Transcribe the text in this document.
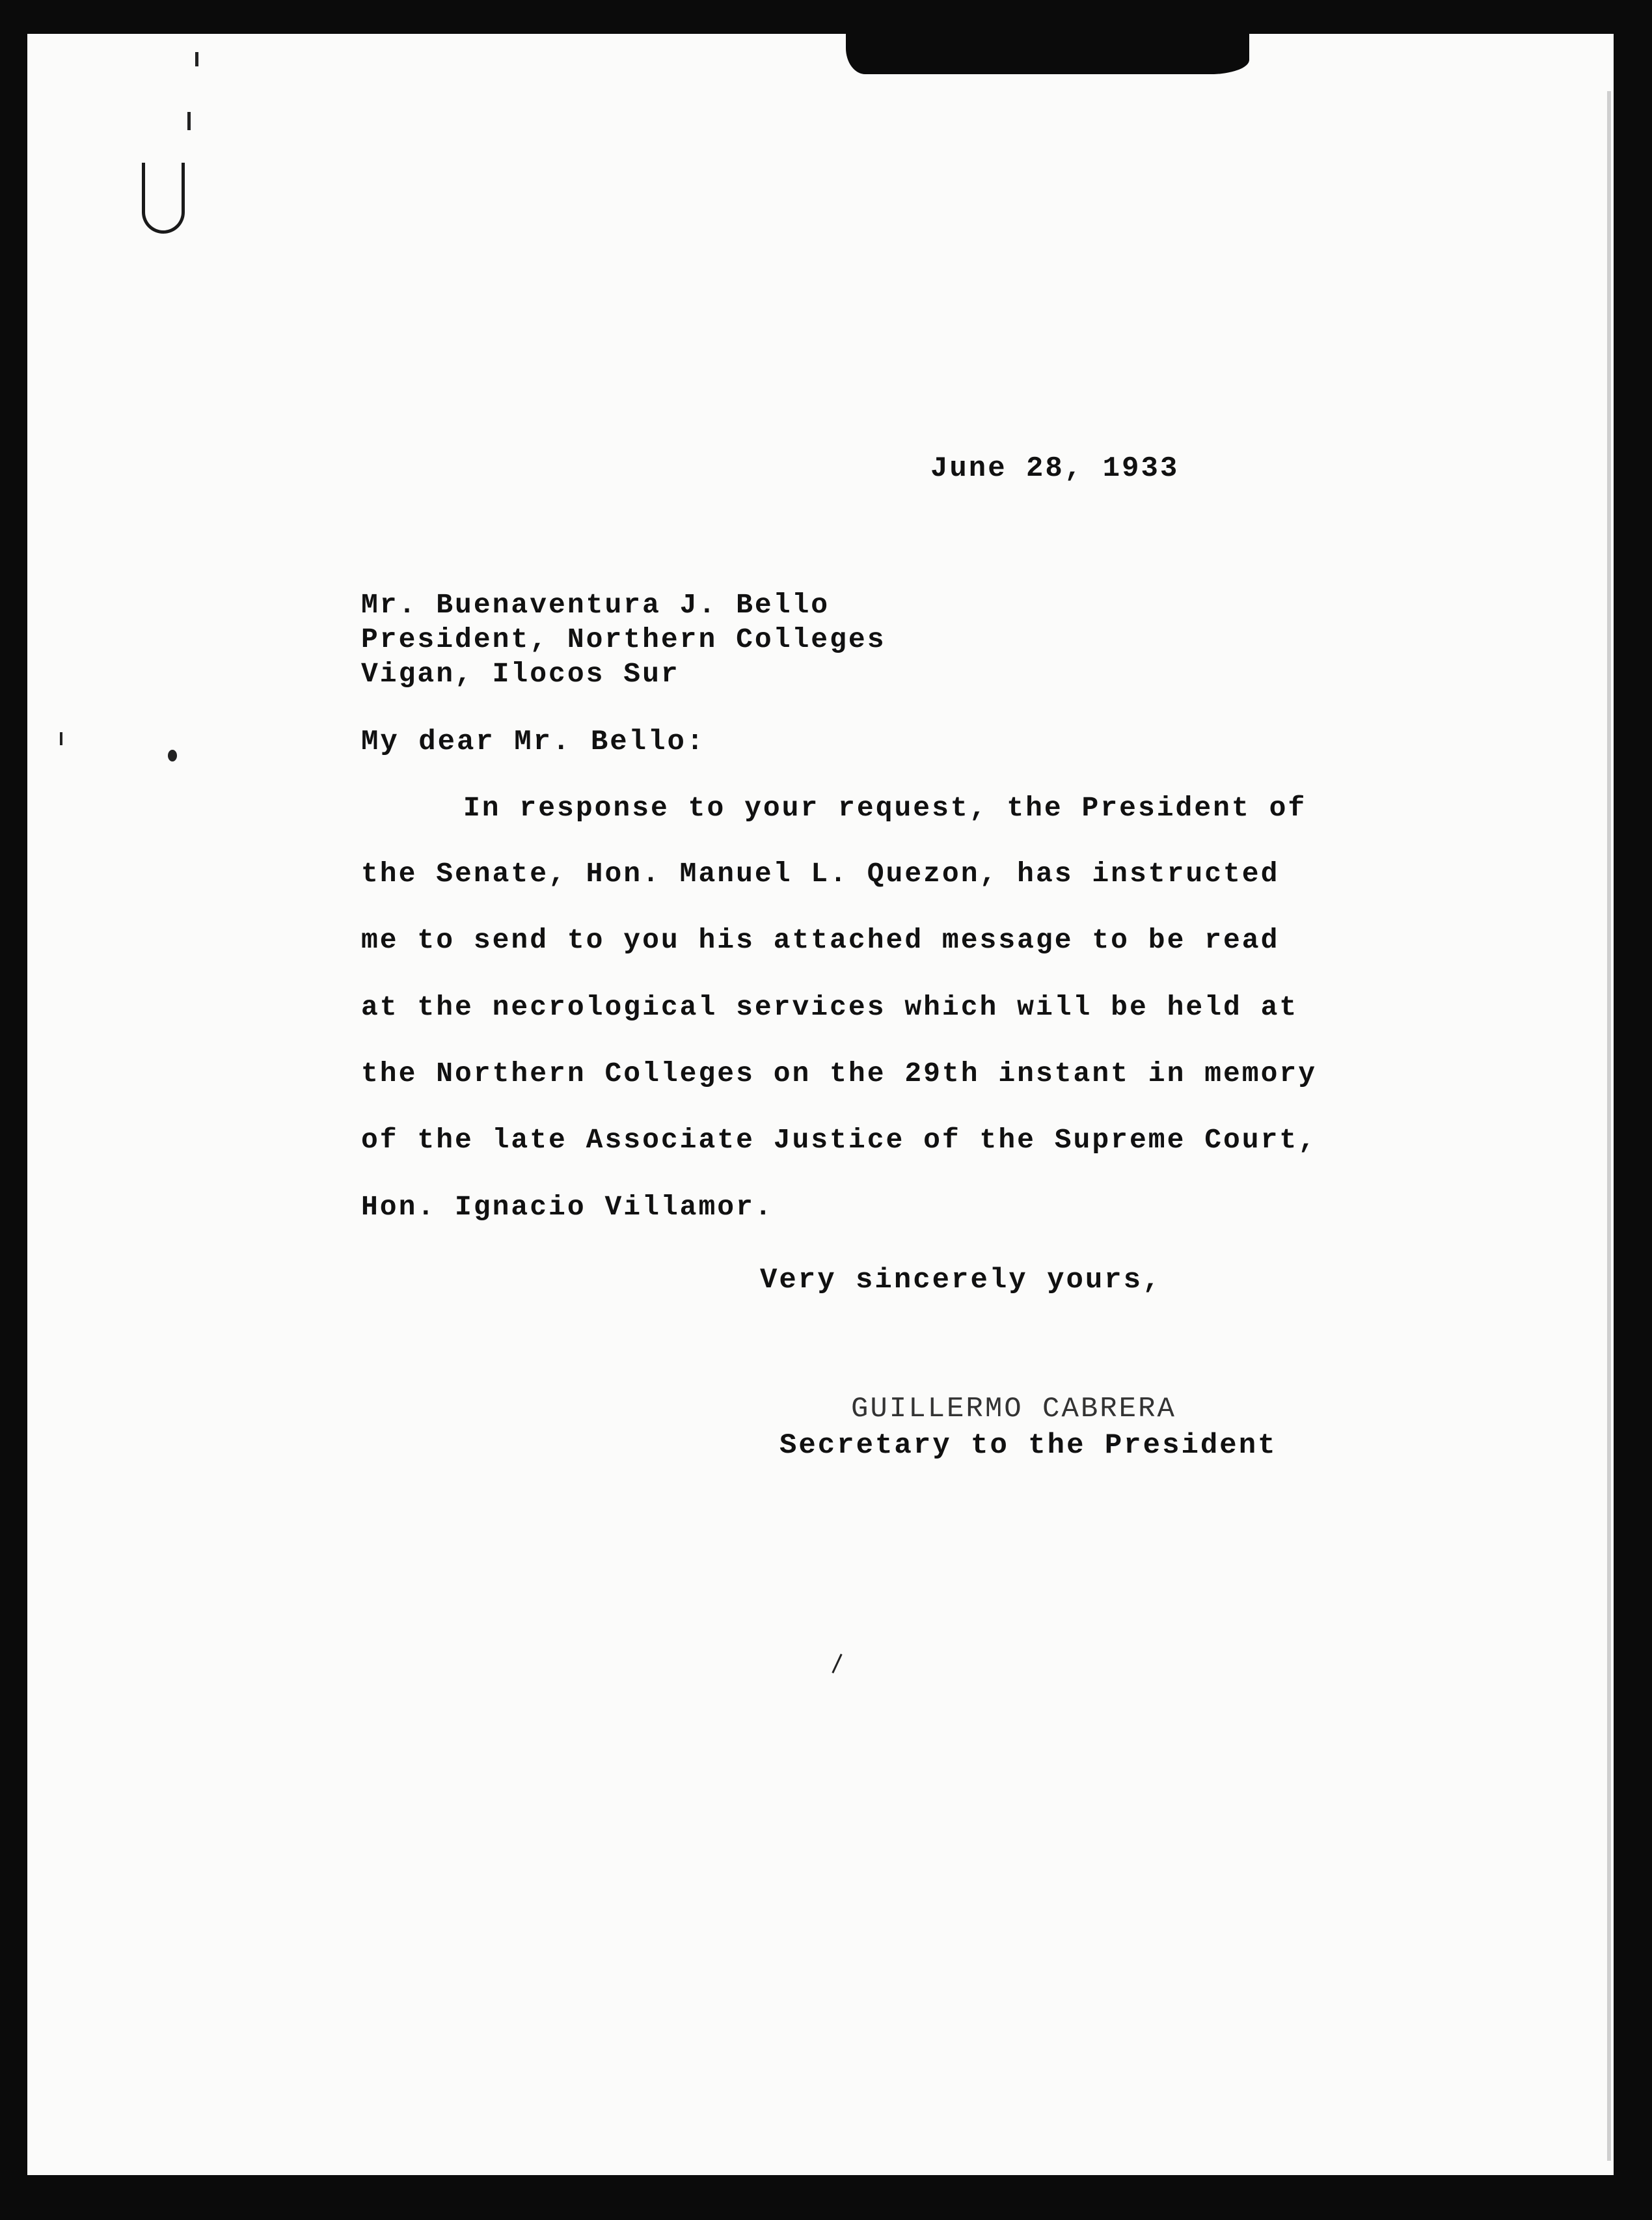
June 28, 1933
Mr. Buenaventura J. Bello
President, Northern Colleges
Vigan, Ilocos Sur
My dear Mr. Bello:
In response to your request, the President of
the Senate, Hon. Manuel L. Quezon, has instructed
me to send to you his attached message to be read
at the necrological services which will be held at
the Northern Colleges on the 29th instant in memory
of the late Associate Justice of the Supreme Court,
Hon. Ignacio Villamor.
Very sincerely yours,
GUILLERMO CABRERA
Secretary to the President
